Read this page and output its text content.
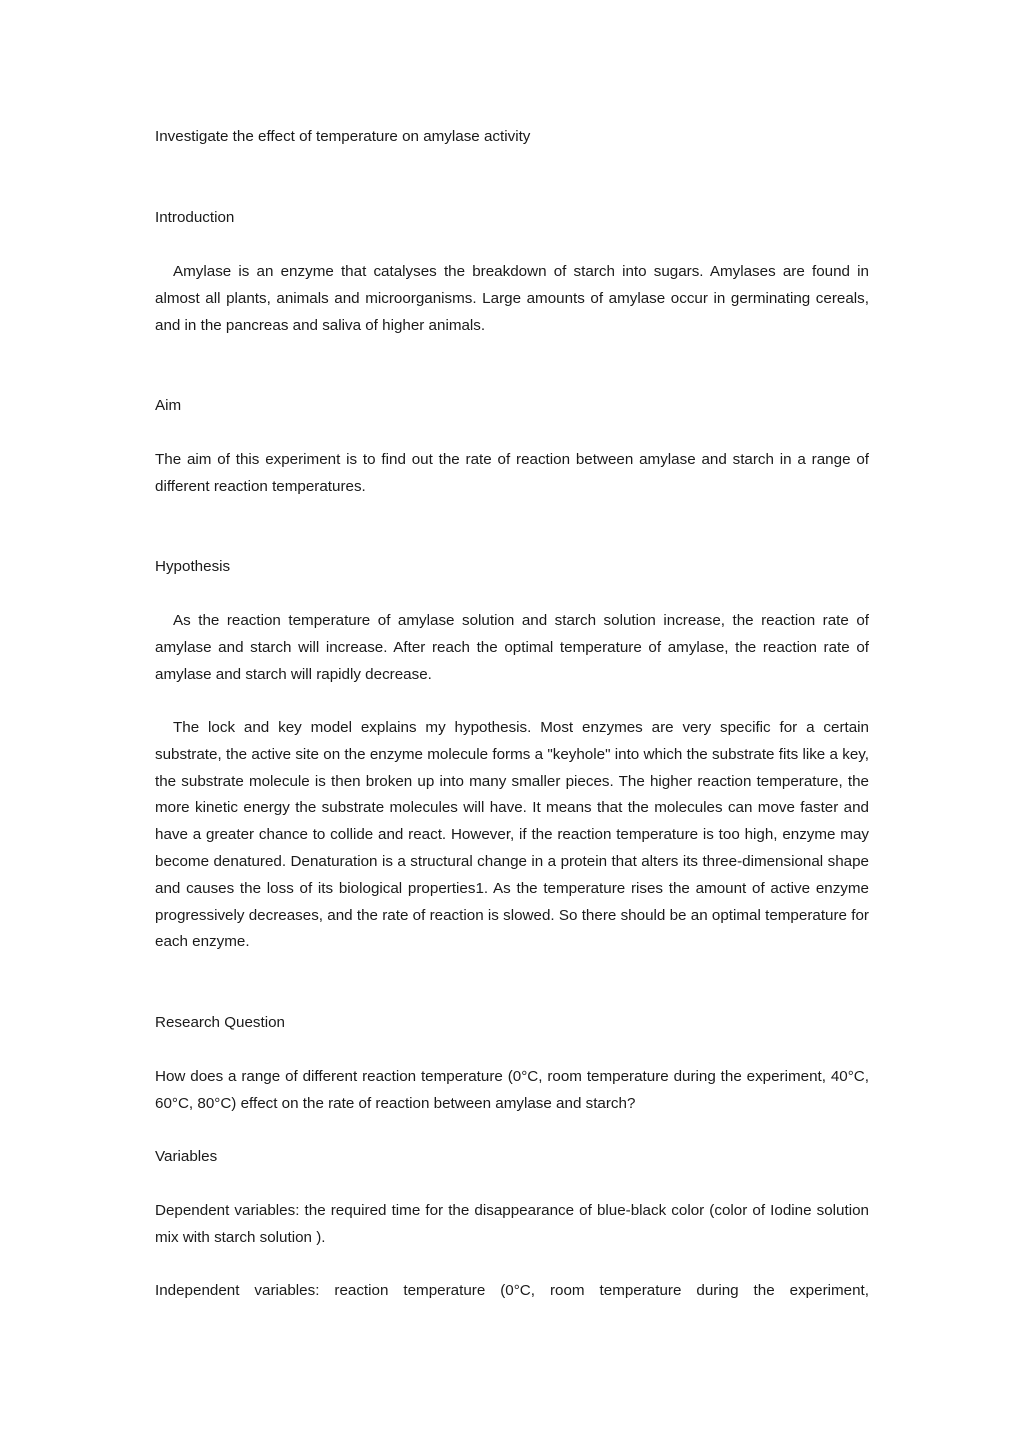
Investigate the effect of temperature on amylase activity

Introduction

Amylase is an enzyme that catalyses the breakdown of starch into sugars. Amylases are found in almost all plants, animals and microorganisms. Large amounts of amylase occur in germinating cereals, and in the pancreas and saliva of higher animals.

Aim

The aim of this experiment is to find out the rate of reaction between amylase and starch in a range of different reaction temperatures.

Hypothesis

As the reaction temperature of amylase solution and starch solution increase, the reaction rate of amylase and starch will increase. After reach the optimal temperature of amylase, the reaction rate of amylase and starch will rapidly decrease.

The lock and key model explains my hypothesis. Most enzymes are very specific for a certain substrate, the active site on the enzyme molecule forms a "keyhole" into which the substrate fits like a key, the substrate molecule is then broken up into many smaller pieces. The higher reaction temperature, the more kinetic energy the substrate molecules will have. It means that the molecules can move faster and have a greater chance to collide and react. However, if the reaction temperature is too high, enzyme may become denatured. Denaturation is a structural change in a protein that alters its three-dimensional shape and causes the loss of its biological properties1. As the temperature rises the amount of active enzyme progressively decreases, and the rate of reaction is slowed. So there should be an optimal temperature for each enzyme.

Research Question

How does a range of different reaction temperature (0°C, room temperature during the experiment, 40°C, 60°C, 80°C) effect on the rate of reaction between amylase and starch?

Variables

Dependent variables: the required time for the disappearance of blue-black color (color of Iodine solution mix with starch solution ).

Independent variables: reaction temperature (0°C, room temperature during the experiment,
